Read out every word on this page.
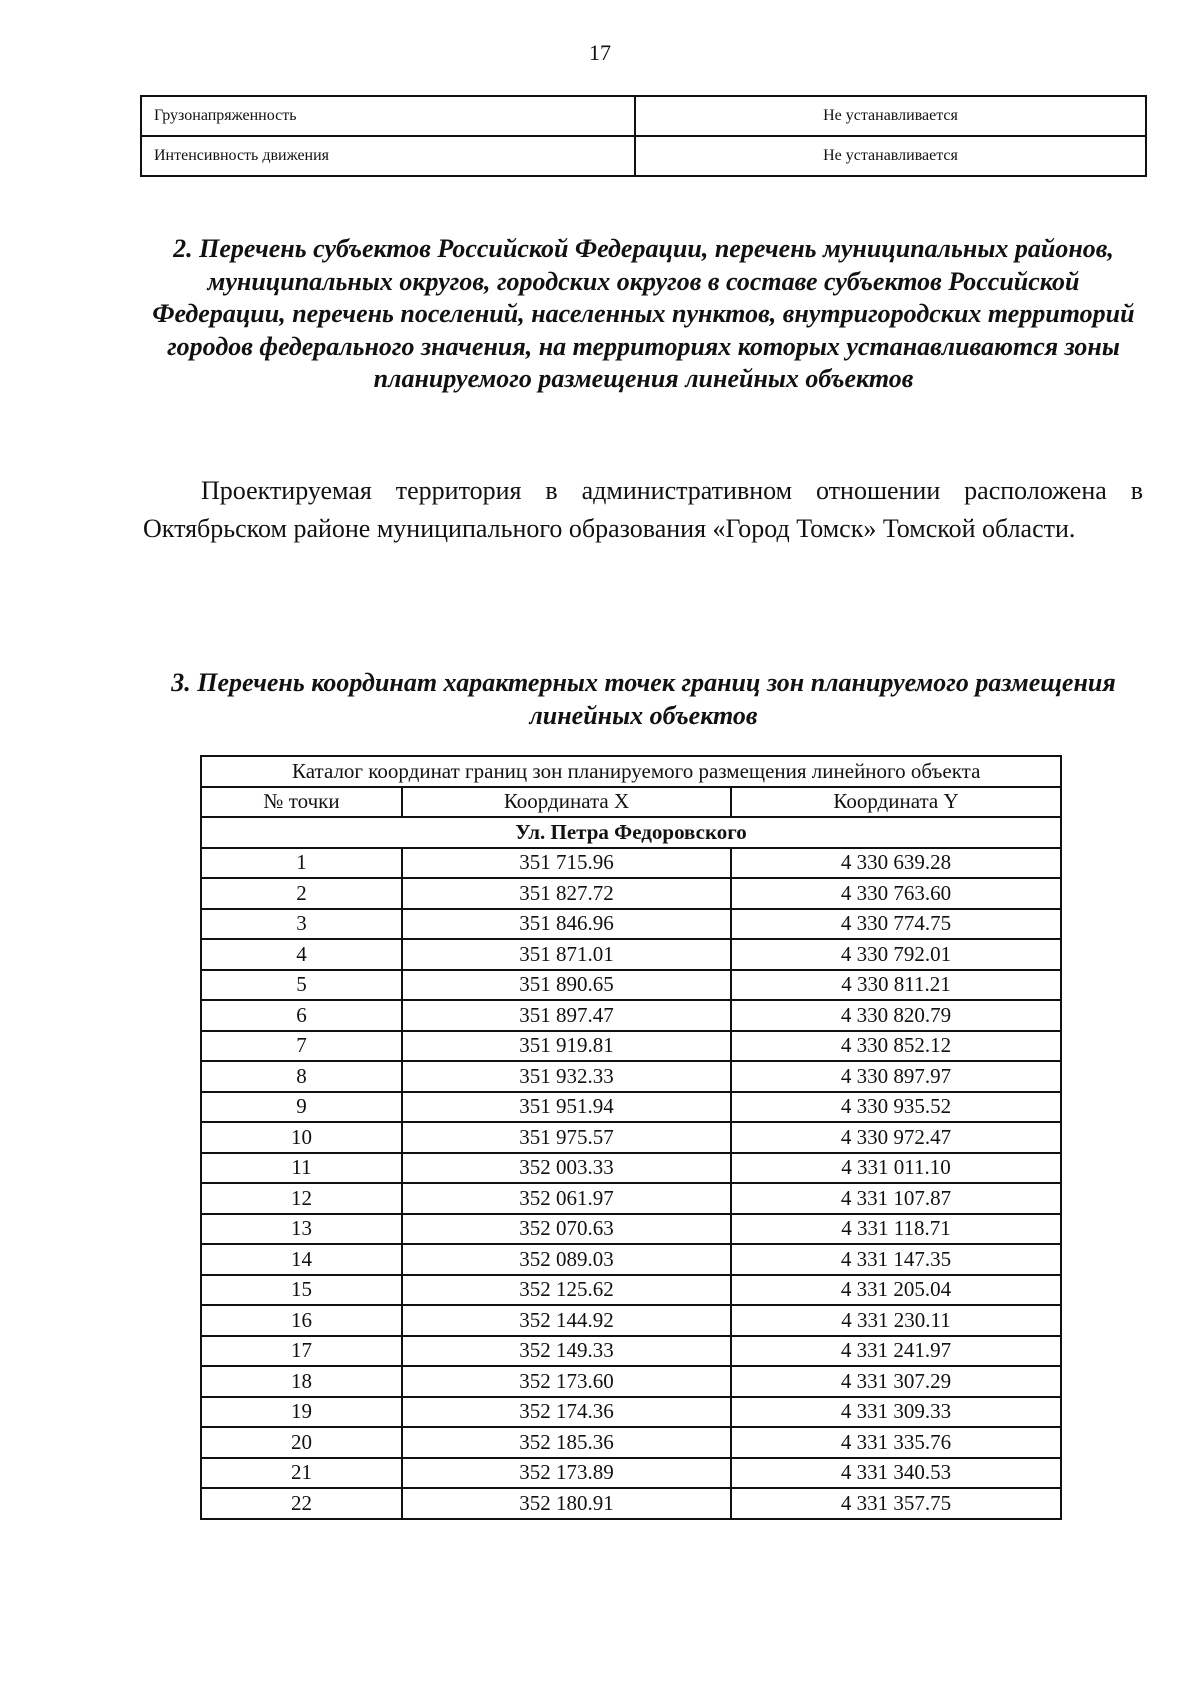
17
Грузонапряженность	Не устанавливается
Интенсивность движения	Не устанавливается
2. Перечень субъектов Российской Федерации, перечень муниципальных районов, муниципальных округов, городских округов в составе субъектов Российской Федерации, перечень поселений, населенных пунктов, внутригородских территорий городов федерального значения, на территориях которых устанавливаются зоны планируемого размещения линейных объектов

Проектируемая территория в административном отношении расположена в Октябрьском районе муниципального образования «Город Томск» Томской области.

3. Перечень координат характерных точек границ зон планируемого размещения линейных объектов
Каталог координат границ зон планируемого размещения линейного объекта		
№ точки	Координата X	Координата Y
Ул. Петра Федоровского		
1	351 715.96	4 330 639.28
2	351 827.72	4 330 763.60
3	351 846.96	4 330 774.75
4	351 871.01	4 330 792.01
5	351 890.65	4 330 811.21
6	351 897.47	4 330 820.79
7	351 919.81	4 330 852.12
8	351 932.33	4 330 897.97
9	351 951.94	4 330 935.52
10	351 975.57	4 330 972.47
11	352 003.33	4 331 011.10
12	352 061.97	4 331 107.87
13	352 070.63	4 331 118.71
14	352 089.03	4 331 147.35
15	352 125.62	4 331 205.04
16	352 144.92	4 331 230.11
17	352 149.33	4 331 241.97
18	352 173.60	4 331 307.29
19	352 174.36	4 331 309.33
20	352 185.36	4 331 335.76
21	352 173.89	4 331 340.53
22	352 180.91	4 331 357.75
